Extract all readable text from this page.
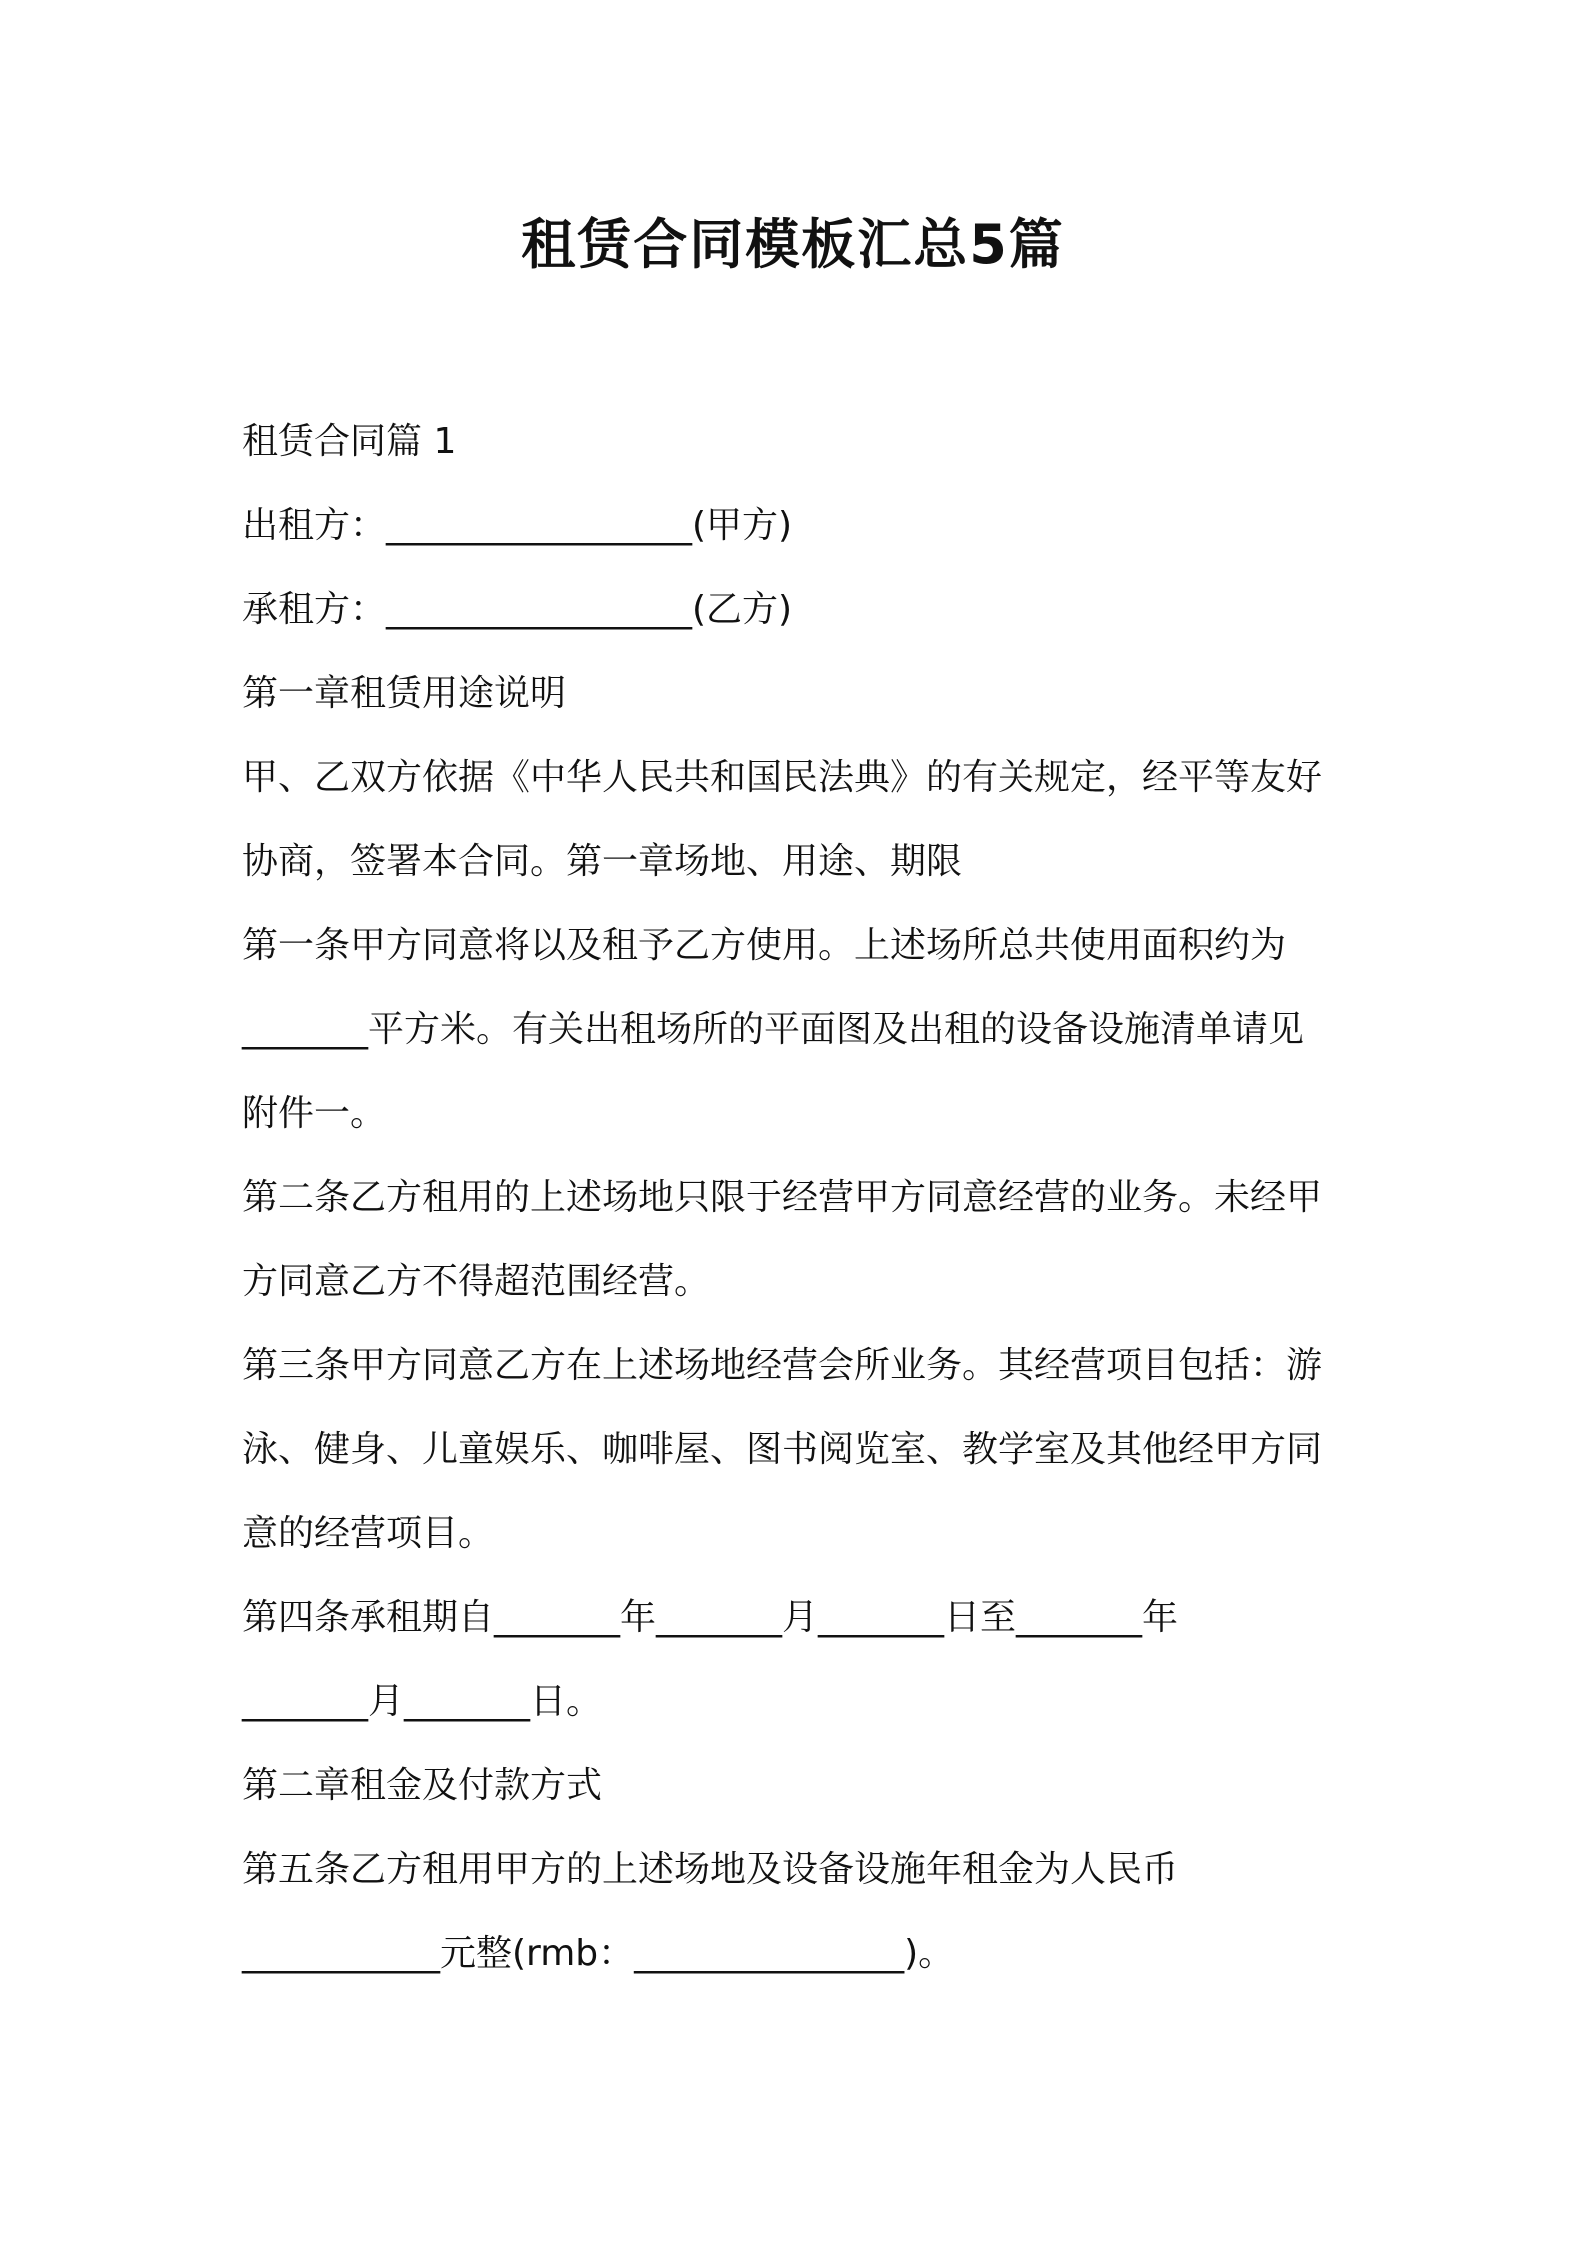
租赁合同模板汇总5篇

租赁合同篇 1

出租方：_________________(甲方)

承租方：_________________(乙方)

第一章租赁用途说明

甲、乙双方依据《中华人民共和国民法典》的有关规定，经平等友好

协商，签署本合同。第一章场地、用途、期限

第一条甲方同意将以及租予乙方使用。上述场所总共使用面积约为

_______平方米。有关出租场所的平面图及出租的设备设施清单请见

附件一。

第二条乙方租用的上述场地只限于经营甲方同意经营的业务。未经甲

方同意乙方不得超范围经营。

第三条甲方同意乙方在上述场地经营会所业务。其经营项目包括：游

泳、健身、儿童娱乐、咖啡屋、图书阅览室、教学室及其他经甲方同

意的经营项目。

第四条承租期自_______年_______月_______日至_______年

_______月_______日。

第二章租金及付款方式

第五条乙方租用甲方的上述场地及设备设施年租金为人民币

___________元整(rmb：_______________)。
